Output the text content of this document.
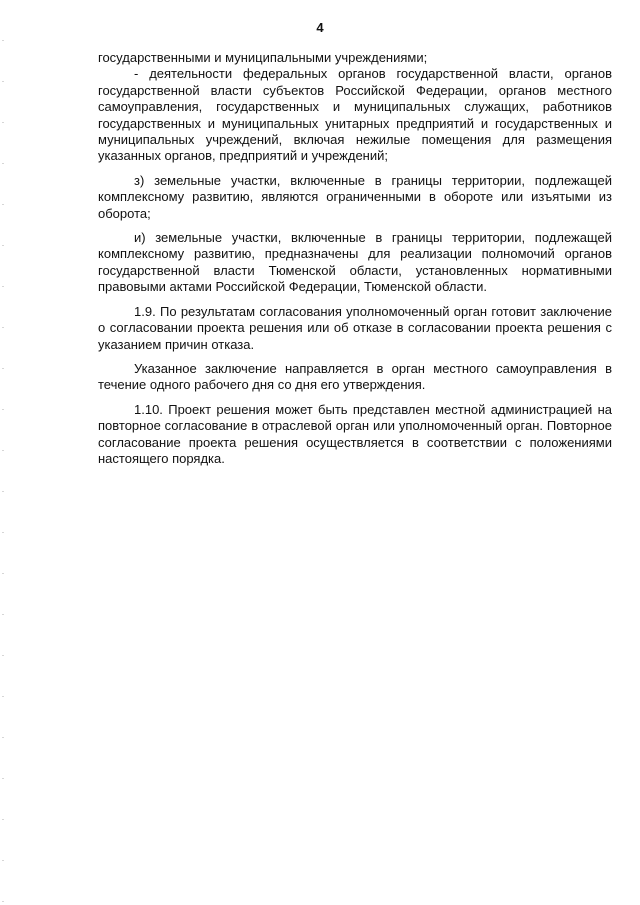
4

государственными и муниципальными учреждениями;

- деятельности федеральных органов государственной власти, органов государственной власти субъектов Российской Федерации, органов местного самоуправления, государственных и муниципальных служащих, работников государственных и муниципальных унитарных предприятий и государственных и муниципальных учреждений, включая нежилые помещения для размещения указанных органов, предприятий и учреждений;

з) земельные участки, включенные в границы территории, подлежащей комплексному развитию, являются ограниченными в обороте или изъятыми из оборота;

и) земельные участки, включенные в границы территории, подлежащей комплексному развитию, предназначены для реализации полномочий органов государственной власти Тюменской области, установленных нормативными правовыми актами Российской Федерации, Тюменской области.

1.9. По результатам согласования уполномоченный орган готовит заключение о согласовании проекта решения или об отказе в согласовании проекта решения с указанием причин отказа.

Указанное заключение направляется в орган местного самоуправления в течение одного рабочего дня со дня его утверждения.

1.10. Проект решения может быть представлен местной администрацией на повторное согласование в отраслевой орган или уполномоченный орган. Повторное согласование проекта решения осуществляется в соответствии с положениями настоящего порядка.
